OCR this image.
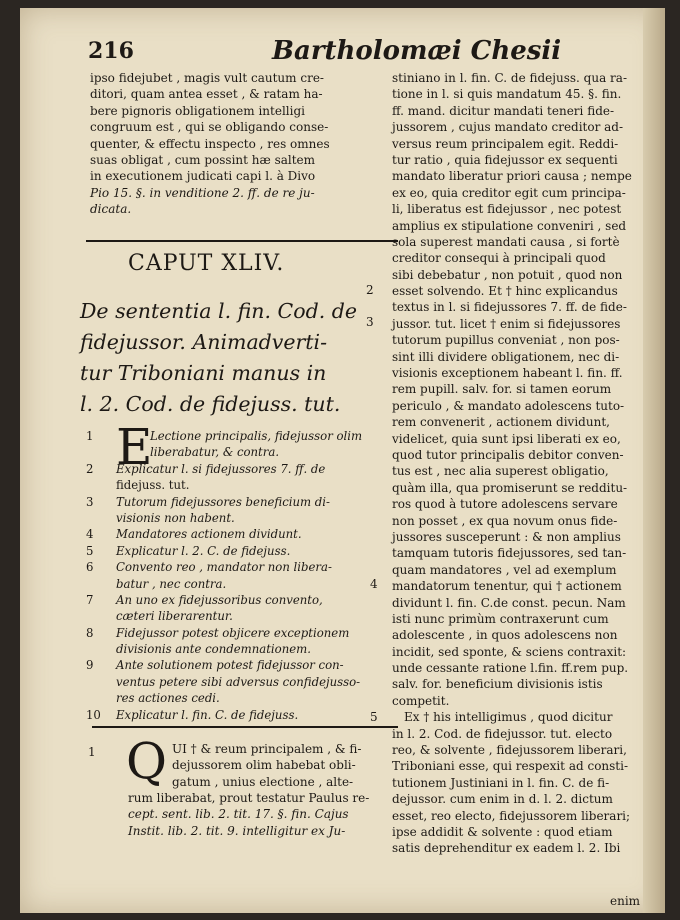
216	Bartholomæi Chesii
ipso fidejubet , magis vult cautum cre-
ditori, quam antea esset , & ratam ha-
bere pignoris obligationem intelligi
congruum est , qui se obligando conse-
quenter, & effectu inspecto , res omnes
suas obligat , cum possint hæ saltem
in executionem judicati capi l. à Divo
Pio 15. §. in venditione 2. ff. de re ju-
dicata.
CAPUT XLIV.
De sententia l. fin. Cod. de
fidejussor. Animadverti-
tur Triboniani manus in
l. 2. Cod. de fidejuss. tut.
E
1	Lectione principalis, fidejussor olim
liberabatur, & contra.
2	Explicatur l. si fidejussores 7. ff. de
fidejuss. tut.
3	Tutorum fidejussores beneficium di-
visionis non habent.
4	Mandatores actionem dividunt.
5	Explicatur l. 2. C. de fidejuss.
6	Convento reo , mandator non libera-
batur , nec contra.
7	An uno ex fidejussoribus convento,
cæteri liberarentur.
8	Fidejussor potest objicere exceptionem
divisionis ante condemnationem.
9	Ante solutionem potest fidejussor con-
ventus petere sibi adversus confidejusso-
res actiones cedi.
10	Explicatur l. fin. C. de fidejuss.
1 Q UI † & reum principalem , & fi-
dejussorem olim habebat obli-
gatum , unius electione , alte-
rum liberabat, prout testatur Paulus re-
cept. sent. lib. 2. tit. 17. §. fin. Cajus
Instit. lib. 2. tit. 9. intelligitur ex Ju-
stiniano in l. fin. C. de fidejuss. qua ra-
tione in l. si quis mandatum 45. §. fin.
ff. mand. dicitur mandati teneri fide-
jussorem , cujus mandato creditor ad-
versus reum principalem egit. Reddi-
tur ratio , quia fidejussor ex sequenti
mandato liberatur priori causa ; nempe
ex eo, quia creditor egit cum principa-
li, liberatus est fidejussor , nec potest
amplius ex stipulatione conveniri , sed
sola superest mandati causa , si fortè
creditor consequi à principali quod
sibi debebatur , non potuit , quod non
esset solvendo. Et † hinc explicandus
textus in l. si fidejussores 7. ff. de fide-
jussor. tut. licet † enim si fidejussores
tutorum pupillus conveniat , non pos-
sint illi dividere obligationem, nec di-
visionis exceptionem habeant l. fin. ff.
rem pupill. salv. for. si tamen eorum
periculo , & mandato adolescens tuto-
rem convenerit , actionem dividunt,
videlicet, quia sunt ipsi liberati ex eo,
quod tutor principalis debitor conven-
tus est , nec alia superest obligatio,
quàm illa, qua promiserunt se redditu-
ros quod à tutore adolescens servare
non posset , ex qua novum onus fide-
jussores susceperunt : & non amplius
tamquam tutoris fidejussores, sed tan-
quam mandatores , vel ad exemplum
mandatorum tenentur, qui † actionem
dividunt l. fin. C.de const. pecun. Nam
isti nunc primùm contraxerunt cum
adolescente , in quos adolescens non
incidit, sed sponte, & sciens contraxit:
unde cessante ratione l.fin. ff.rem pup.
salv. for. beneficium divisionis istis
competit.
Ex † his intelligimus , quod dicitur
in l. 2. Cod. de fidejussor. tut. electo
reo, & solvente , fidejussorem liberari,
Triboniani esse, qui respexit ad consti-
tutionem Justiniani in l. fin. C. de fi-
dejussor. cum enim in d. l. 2. dictum
esset, reo electo, fidejussorem liberari;
ipse addidit & solvente : quod etiam
satis deprehenditur ex eadem l. 2. Ibi
2
3
4
5
enim
